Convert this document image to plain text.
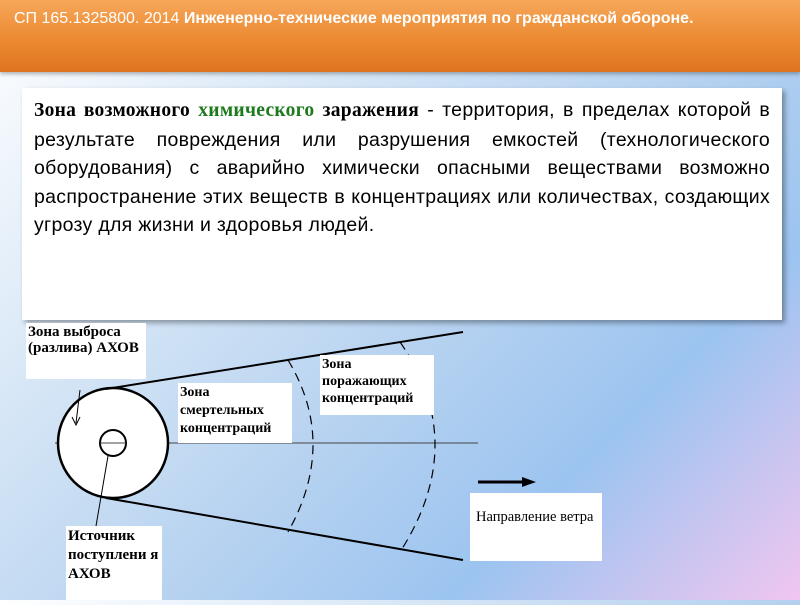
СП 165.1325800. 2014 Инженерно-технические мероприятия по гражданской обороне.
Зона возможного химического заражения - территория, в пределах которой в результате повреждения или разрушения емкостей (технологического оборудования) с аварийно химически опасными веществами возможно распространение этих веществ в концентрациях или количествах, создающих угрозу для жизни и здоровья людей.
Зона выброса (разлива) АХОВ
Зона смертельных концентраций
Зона поражающих концентраций
Источник поступлени я АХОВ
Направление ветра
